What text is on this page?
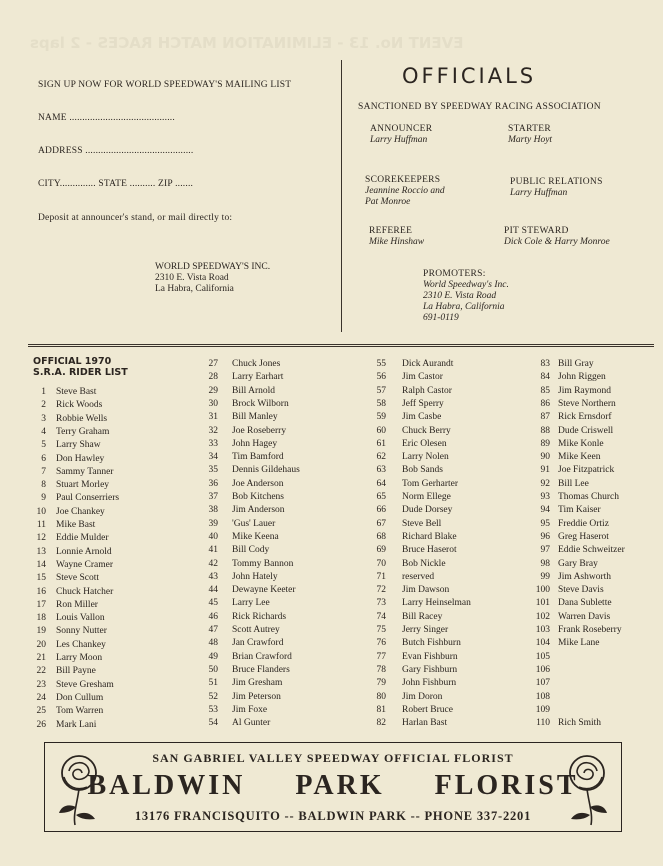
EVENT No. 13 - ELIMINATION MATCH RACES - 2 laps
SIGN UP NOW FOR WORLD SPEEDWAY'S MAILING LIST
NAME .........................................
ADDRESS ..........................................
CITY.............. STATE .......... ZIP .......
Deposit at announcer's stand, or mail directly to:
WORLD SPEEDWAY'S INC.
2310 E. Vista Road
La Habra, California
OFFICIALS
SANCTIONED BY SPEEDWAY RACING ASSOCIATION
ANNOUNCER
Larry Huffman
STARTER
Marty Hoyt
SCOREKEEPERS
Jeannine Roccio and
Pat Monroe
PUBLIC RELATIONS
Larry Huffman
REFEREE
Mike Hinshaw
PIT STEWARD
Dick Cole & Harry Monroe
PROMOTERS:
World Speedway's Inc.
2310 E. Vista Road
La Habra, California
691-0119
OFFICIAL 1970
S.R.A. RIDER LIST
1 Steve Bast
2 Rick Woods
3 Robbie Wells
4 Terry Graham
5 Larry Shaw
6 Don Hawley
7 Sammy Tanner
8 Stuart Morley
9 Paul Conserriers
10 Joe Chankey
11 Mike Bast
12 Eddie Mulder
13 Lonnie Arnold
14 Wayne Cramer
15 Steve Scott
16 Chuck Hatcher
17 Ron Miller
18 Louis Vallon
19 Sonny Nutter
20 Les Chankey
21 Larry Moon
22 Bill Payne
23 Steve Gresham
24 Don Cullum
25 Tom Warren
26 Mark Lani
27 Chuck Jones
28 Larry Earhart
29 Bill Arnold
30 Brock Wilborn
31 Bill Manley
32 Joe Roseberry
33 John Hagey
34 Tim Bamford
35 Dennis Gildehaus
36 Joe Anderson
37 Bob Kitchens
38 Jim Anderson
39 'Gus' Lauer
40 Mike Keena
41 Bill Cody
42 Tommy Bannon
43 John Hately
44 Dewayne Keeter
45 Larry Lee
46 Rick Richards
47 Scott Autrey
48 Jan Crawford
49 Brian Crawford
50 Bruce Flanders
51 Jim Gresham
52 Jim Peterson
53 Jim Foxe
54 Al Gunter
55 Dick Aurandt
56 Jim Castor
57 Ralph Castor
58 Jeff Sperry
59 Jim Casbe
60 Chuck Berry
61 Eric Olesen
62 Larry Nolen
63 Bob Sands
64 Tom Gerharter
65 Norm Ellege
66 Dude Dorsey
67 Steve Bell
68 Richard Blake
69 Bruce Haserot
70 Bob Nickle
71 reserved
72 Jim Dawson
73 Larry Heinselman
74 Bill Racey
75 Jerry Singer
76 Butch Fishburn
77 Evan Fishburn
78 Gary Fishburn
79 John Fishburn
80 Jim Doron
81 Robert Bruce
82 Harlan Bast
83 Bill Gray
84 John Riggen
85 Jim Raymond
86 Steve Northern
87 Rick Ernsdorf
88 Dude Criswell
89 Mike Konle
90 Mike Keen
91 Joe Fitzpatrick
92 Bill Lee
93 Thomas Church
94 Tim Kaiser
95 Freddie Ortiz
96 Greg Haserot
97 Eddie Schweitzer
98 Gary Bray
99 Jim Ashworth
100 Steve Davis
101 Dana Sublette
102 Warren Davis
103 Frank Roseberry
104 Mike Lane
105
106
107
108
109
110 Rich Smith
SAN GABRIEL VALLEY SPEEDWAY OFFICIAL FLORIST
BALDWIN PARK FLORIST
13176 FRANCISQUITO -- BALDWIN PARK -- PHONE 337-2201
